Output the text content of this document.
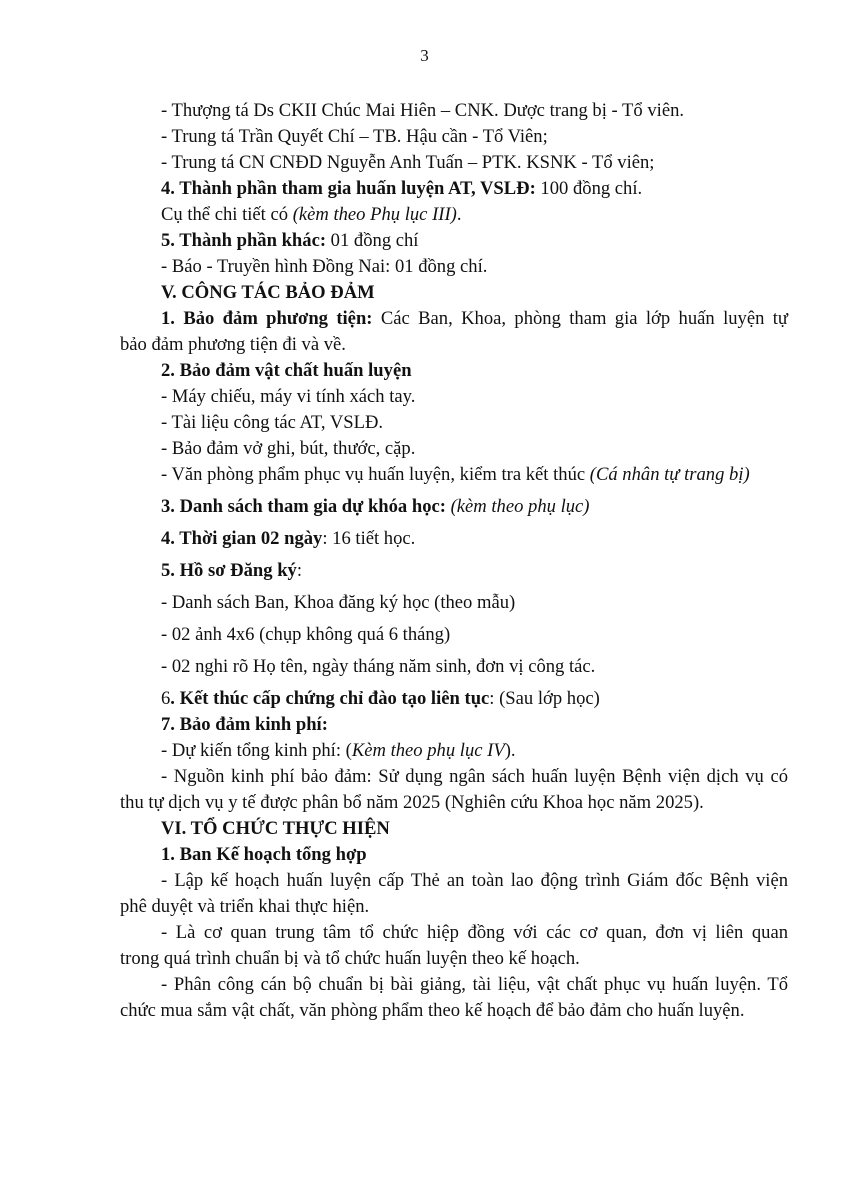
3
- Thượng tá Ds CKII Chúc Mai Hiên – CNK. Dược trang bị - Tổ viên.
- Trung tá Trần Quyết Chí – TB. Hậu cần - Tổ Viên;
- Trung tá CN CNĐD Nguyễn Anh Tuấn – PTK. KSNK - Tổ viên;
4. Thành phần tham gia huấn luyện AT, VSLĐ: 100 đồng chí.
Cụ thể chi tiết có (kèm theo Phụ lục III).
5. Thành phần khác: 01 đồng chí
- Báo - Truyền hình Đồng Nai: 01 đồng chí.
V. CÔNG TÁC BẢO ĐẢM
1. Bảo đảm phương tiện: Các Ban, Khoa, phòng tham gia lớp huấn luyện tự
bảo đảm phương tiện đi và về.
2. Bảo đảm vật chất huấn luyện
- Máy chiếu, máy vi tính xách tay.
- Tài liệu công tác AT, VSLĐ.
- Bảo đảm vở ghi, bút, thước, cặp.
- Văn phòng phẩm phục vụ huấn luyện, kiểm tra kết thúc (Cá nhân tự trang bị)
3. Danh sách tham gia dự khóa học: (kèm theo phụ lục)
4. Thời gian 02 ngày: 16 tiết học.
5. Hồ sơ Đăng ký:
- Danh sách Ban, Khoa đăng ký học (theo mẫu)
- 02 ảnh 4x6 (chụp không quá 6 tháng)
- 02 nghi rõ Họ tên, ngày tháng năm sinh, đơn vị công tác.
6. Kết thúc cấp chứng chỉ đào tạo liên tục: (Sau lớp học)
7. Bảo đảm kinh phí:
- Dự kiến tổng kinh phí: (Kèm theo phụ lục IV).
- Nguồn kinh phí bảo đảm: Sử dụng ngân sách huấn luyện Bệnh viện dịch vụ có
thu tự dịch vụ y tế được phân bổ năm 2025 (Nghiên cứu Khoa học năm 2025).
VI. TỔ CHỨC THỰC HIỆN
1. Ban Kế hoạch tổng hợp
- Lập kế hoạch huấn luyện cấp Thẻ an toàn lao động trình Giám đốc Bệnh viện
phê duyệt và triển khai thực hiện.
- Là cơ quan trung tâm tổ chức hiệp đồng với các cơ quan, đơn vị liên quan
trong quá trình chuẩn bị và tổ chức huấn luyện theo kế hoạch.
- Phân công cán bộ chuẩn bị bài giảng, tài liệu, vật chất phục vụ huấn luyện. Tổ
chức mua sắm vật chất, văn phòng phẩm theo kế hoạch để bảo đảm cho huấn luyện.
